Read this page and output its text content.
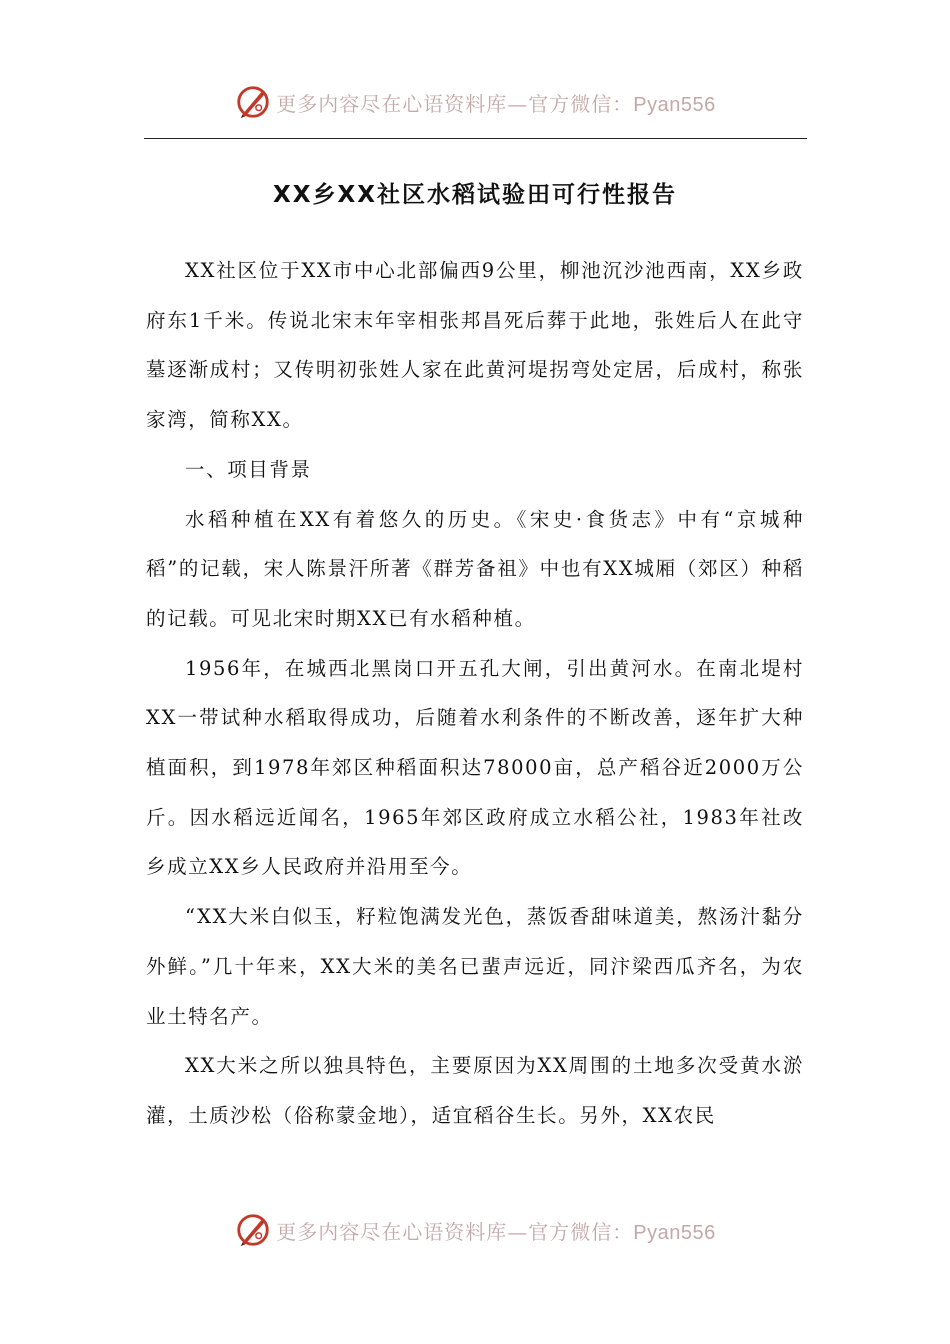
更多内容尽在心语资料库—官方微信：Pyan556
XX乡XX社区水稻试验田可行性报告

XX社区位于XX市中心北部偏西9公里，柳池沉沙池西南，XX乡政府东1千米。传说北宋末年宰相张邦昌死后葬于此地，张姓后人在此守墓逐渐成村；又传明初张姓人家在此黄河堤拐弯处定居，后成村，称张家湾，简称XX。

一、项目背景

水稻种植在XX有着悠久的历史。《宋史·食货志》中有“京城种稻”的记载，宋人陈景汗所著《群芳备祖》中也有XX城厢（郊区）种稻的记载。可见北宋时期XX已有水稻种植。

1956年，在城西北黑岗口开五孔大闸，引出黄河水。在南北堤村XX一带试种水稻取得成功，后随着水利条件的不断改善，逐年扩大种植面积，到1978年郊区种稻面积达78000亩，总产稻谷近2000万公斤。因水稻远近闻名，1965年郊区政府成立水稻公社，1983年社改乡成立XX乡人民政府并沿用至今。

“XX大米白似玉，籽粒饱满发光色，蒸饭香甜味道美，熬汤汁黏分外鲜。”几十年来，XX大米的美名已蜚声远近，同汴梁西瓜齐名，为农业土特名产。

XX大米之所以独具特色，主要原因为XX周围的土地多次受黄水淤灌，土质沙松（俗称蒙金地），适宜稻谷生长。另外，XX农民

更多内容尽在心语资料库—官方微信：Pyan556
